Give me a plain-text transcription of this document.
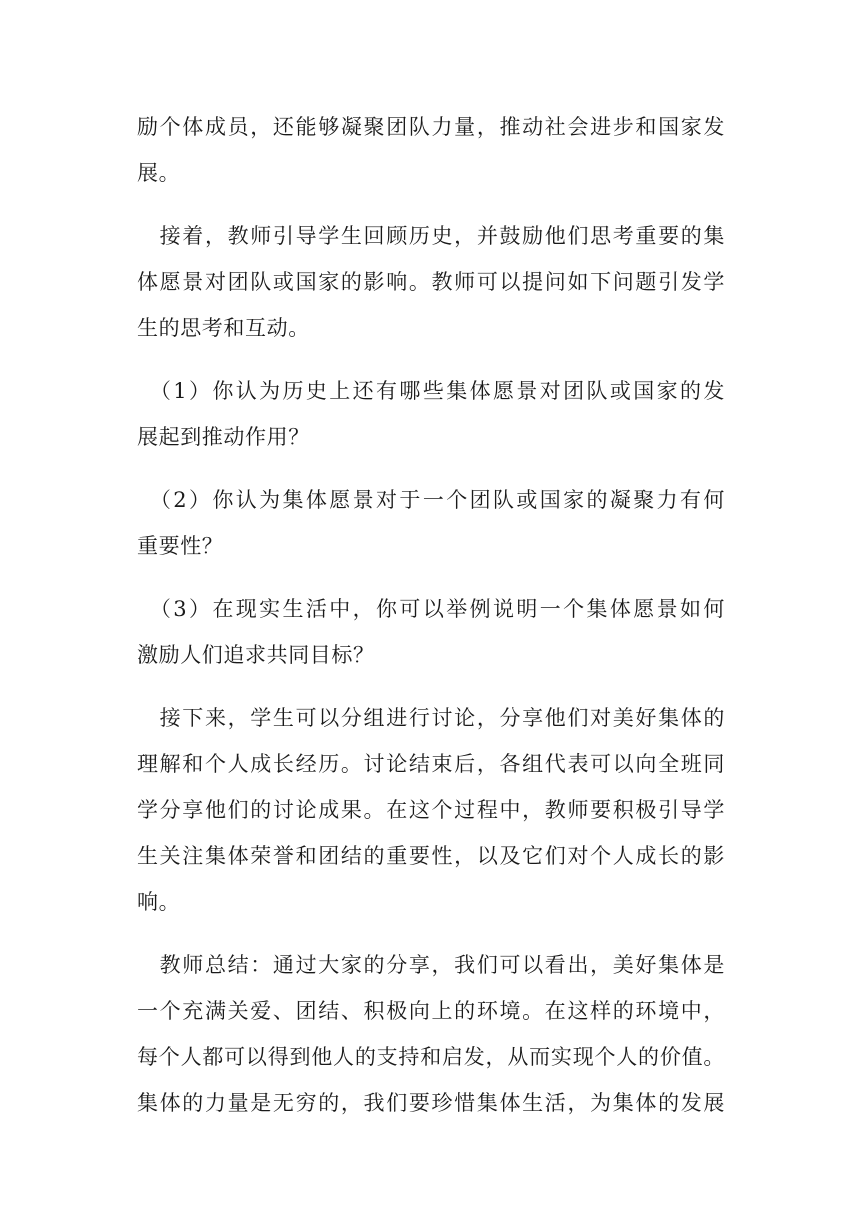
励个体成员，还能够凝聚团队力量，推动社会进步和国家发
展。
　接着，教师引导学生回顾历史，并鼓励他们思考重要的集
体愿景对团队或国家的影响。教师可以提问如下问题引发学
生的思考和互动。
　（1）你认为历史上还有哪些集体愿景对团队或国家的发
展起到推动作用？
　（2）你认为集体愿景对于一个团队或国家的凝聚力有何
重要性？
　（3）在现实生活中，你可以举例说明一个集体愿景如何
激励人们追求共同目标？
　接下来，学生可以分组进行讨论，分享他们对美好集体的
理解和个人成长经历。讨论结束后，各组代表可以向全班同
学分享他们的讨论成果。在这个过程中，教师要积极引导学
生关注集体荣誉和团结的重要性，以及它们对个人成长的影
响。
　教师总结：通过大家的分享，我们可以看出，美好集体是
一个充满关爱、团结、积极向上的环境。在这样的环境中，
每个人都可以得到他人的支持和启发，从而实现个人的价值。
集体的力量是无穷的，我们要珍惜集体生活，为集体的发展
